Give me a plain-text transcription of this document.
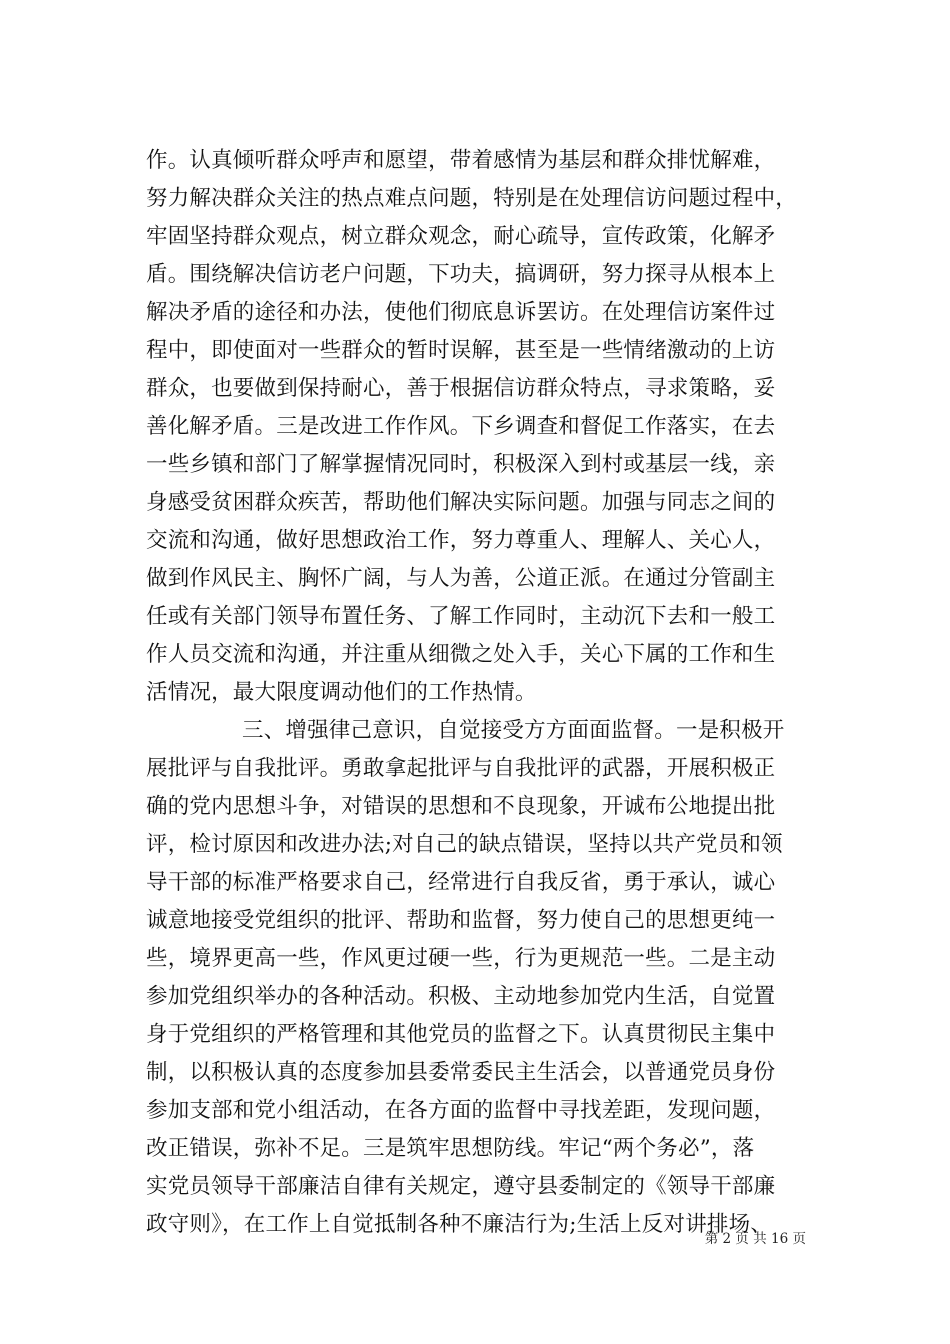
作。认真倾听群众呼声和愿望，带着感情为基层和群众排忧解难，
努力解决群众关注的热点难点问题，特别是在处理信访问题过程中，
牢固坚持群众观点，树立群众观念，耐心疏导，宣传政策，化解矛
盾。围绕解决信访老户问题，下功夫，搞调研，努力探寻从根本上
解决矛盾的途径和办法，使他们彻底息诉罢访。在处理信访案件过
程中，即使面对一些群众的暂时误解，甚至是一些情绪激动的上访
群众，也要做到保持耐心，善于根据信访群众特点，寻求策略，妥
善化解矛盾。三是改进工作作风。下乡调查和督促工作落实，在去
一些乡镇和部门了解掌握情况同时，积极深入到村或基层一线，亲
身感受贫困群众疾苦，帮助他们解决实际问题。加强与同志之间的
交流和沟通，做好思想政治工作，努力尊重人、理解人、关心人，
做到作风民主、胸怀广阔，与人为善，公道正派。在通过分管副主
任或有关部门领导布置任务、了解工作同时，主动沉下去和一般工
作人员交流和沟通，并注重从细微之处入手，关心下属的工作和生
活情况，最大限度调动他们的工作热情。
三、增强律己意识，自觉接受方方面面监督。一是积极开
展批评与自我批评。勇敢拿起批评与自我批评的武器，开展积极正
确的党内思想斗争，对错误的思想和不良现象，开诚布公地提出批
评，检讨原因和改进办法;对自己的缺点错误，坚持以共产党员和领
导干部的标准严格要求自己，经常进行自我反省，勇于承认，诚心
诚意地接受党组织的批评、帮助和监督，努力使自己的思想更纯一
些，境界更高一些，作风更过硬一些，行为更规范一些。二是主动
参加党组织举办的各种活动。积极、主动地参加党内生活，自觉置
身于党组织的严格管理和其他党员的监督之下。认真贯彻民主集中
制，以积极认真的态度参加县委常委民主生活会，以普通党员身份
参加支部和党小组活动，在各方面的监督中寻找差距，发现问题，
改正错误，弥补不足。三是筑牢思想防线。牢记“两个务必”，落
实党员领导干部廉洁自律有关规定，遵守县委制定的《领导干部廉
政守则》，在工作上自觉抵制各种不廉洁行为;生活上反对讲排场、
第 2 页 共 16 页
